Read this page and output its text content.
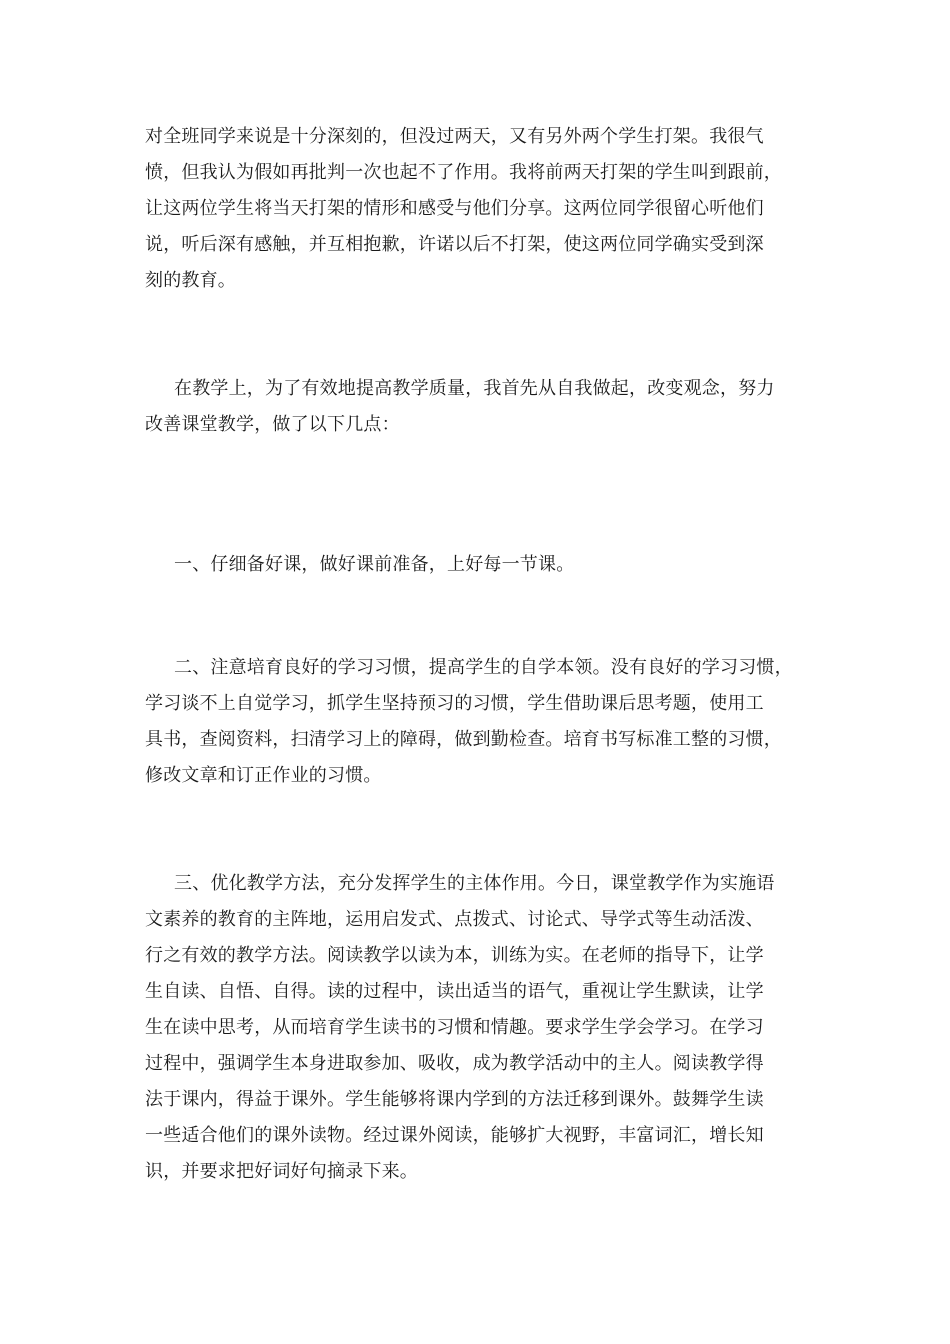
对全班同学来说是十分深刻的，但没过两天，又有另外两个学生打架。我很气
愤，但我认为假如再批判一次也起不了作用。我将前两天打架的学生叫到跟前，
让这两位学生将当天打架的情形和感受与他们分享。这两位同学很留心听他们
说，听后深有感触，并互相抱歉，许诺以后不打架，使这两位同学确实受到深
刻的教育。

在教学上，为了有效地提高教学质量，我首先从自我做起，改变观念，努力
改善课堂教学，做了以下几点：

一、仔细备好课，做好课前准备，上好每一节课。

二、注意培育良好的学习习惯，提高学生的自学本领。没有良好的学习习惯，
学习谈不上自觉学习，抓学生坚持预习的习惯，学生借助课后思考题，使用工
具书，查阅资料，扫清学习上的障碍，做到勤检查。培育书写标准工整的习惯，
修改文章和订正作业的习惯。

三、优化教学方法，充分发挥学生的主体作用。今日，课堂教学作为实施语
文素养的教育的主阵地，运用启发式、点拨式、讨论式、导学式等生动活泼、
行之有效的教学方法。阅读教学以读为本，训练为实。在老师的指导下，让学
生自读、自悟、自得。读的过程中，读出适当的语气，重视让学生默读，让学
生在读中思考，从而培育学生读书的习惯和情趣。要求学生学会学习。在学习
过程中，强调学生本身进取参加、吸收，成为教学活动中的主人。阅读教学得
法于课内，得益于课外。学生能够将课内学到的方法迁移到课外。鼓舞学生读
一些适合他们的课外读物。经过课外阅读，能够扩大视野，丰富词汇，增长知
识，并要求把好词好句摘录下来。
